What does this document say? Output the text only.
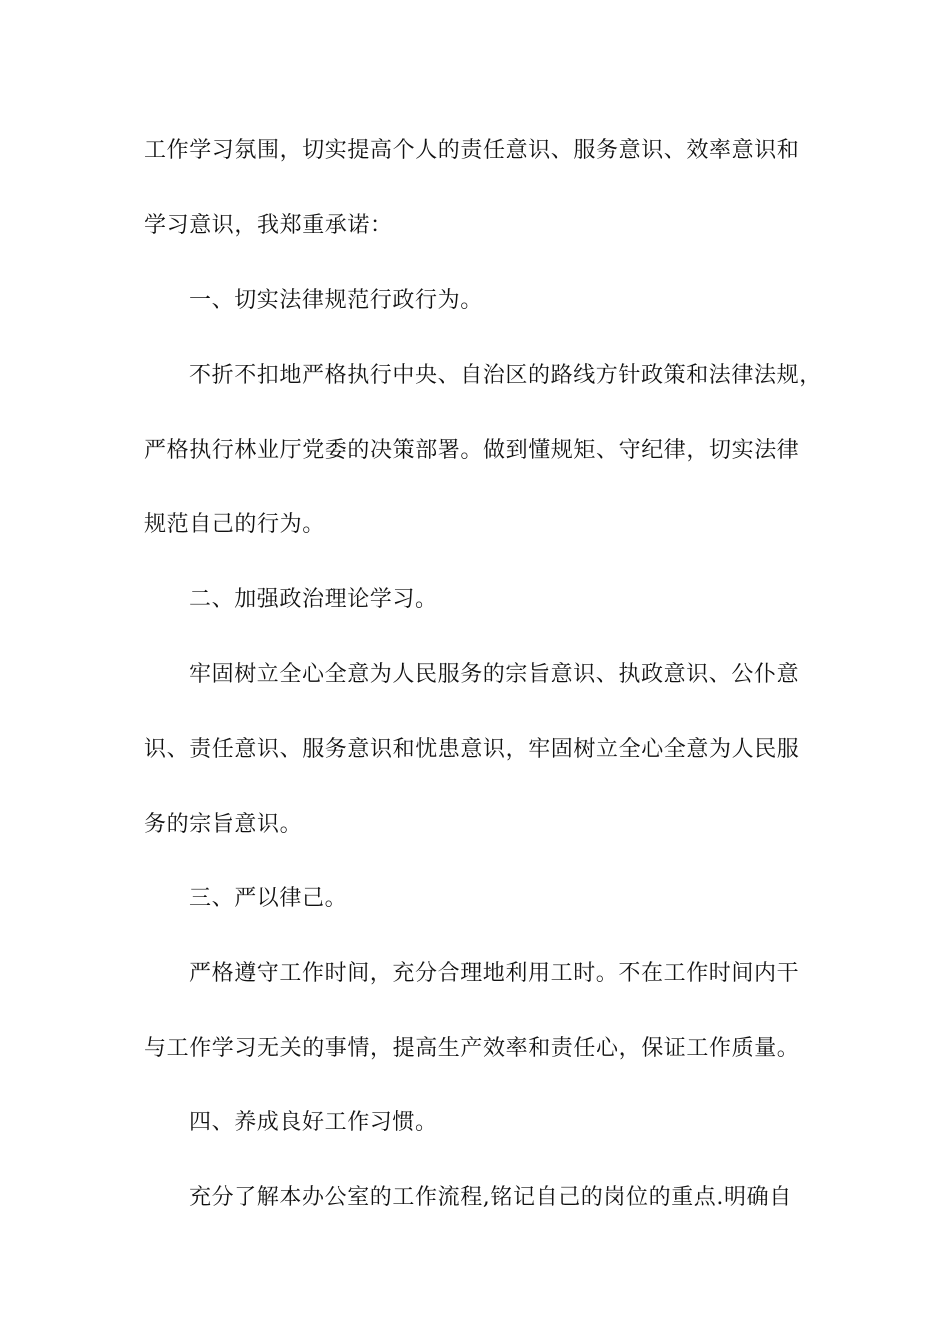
工作学习氛围，切实提高个人的责任意识、服务意识、效率意识和

学习意识，我郑重承诺：

一、切实法律规范行政行为。

不折不扣地严格执行中央、自治区的路线方针政策和法律法规，

严格执行林业厅党委的决策部署。做到懂规矩、守纪律，切实法律

规范自己的行为。

二、加强政治理论学习。

牢固树立全心全意为人民服务的宗旨意识、执政意识、公仆意

识、责任意识、服务意识和忧患意识，牢固树立全心全意为人民服

务的宗旨意识。

三、严以律己。

严格遵守工作时间，充分合理地利用工时。不在工作时间内干

与工作学习无关的事情，提高生产效率和责任心，保证工作质量。

四、养成良好工作习惯。

充分了解本办公室的工作流程,铭记自己的岗位的重点.明确自
